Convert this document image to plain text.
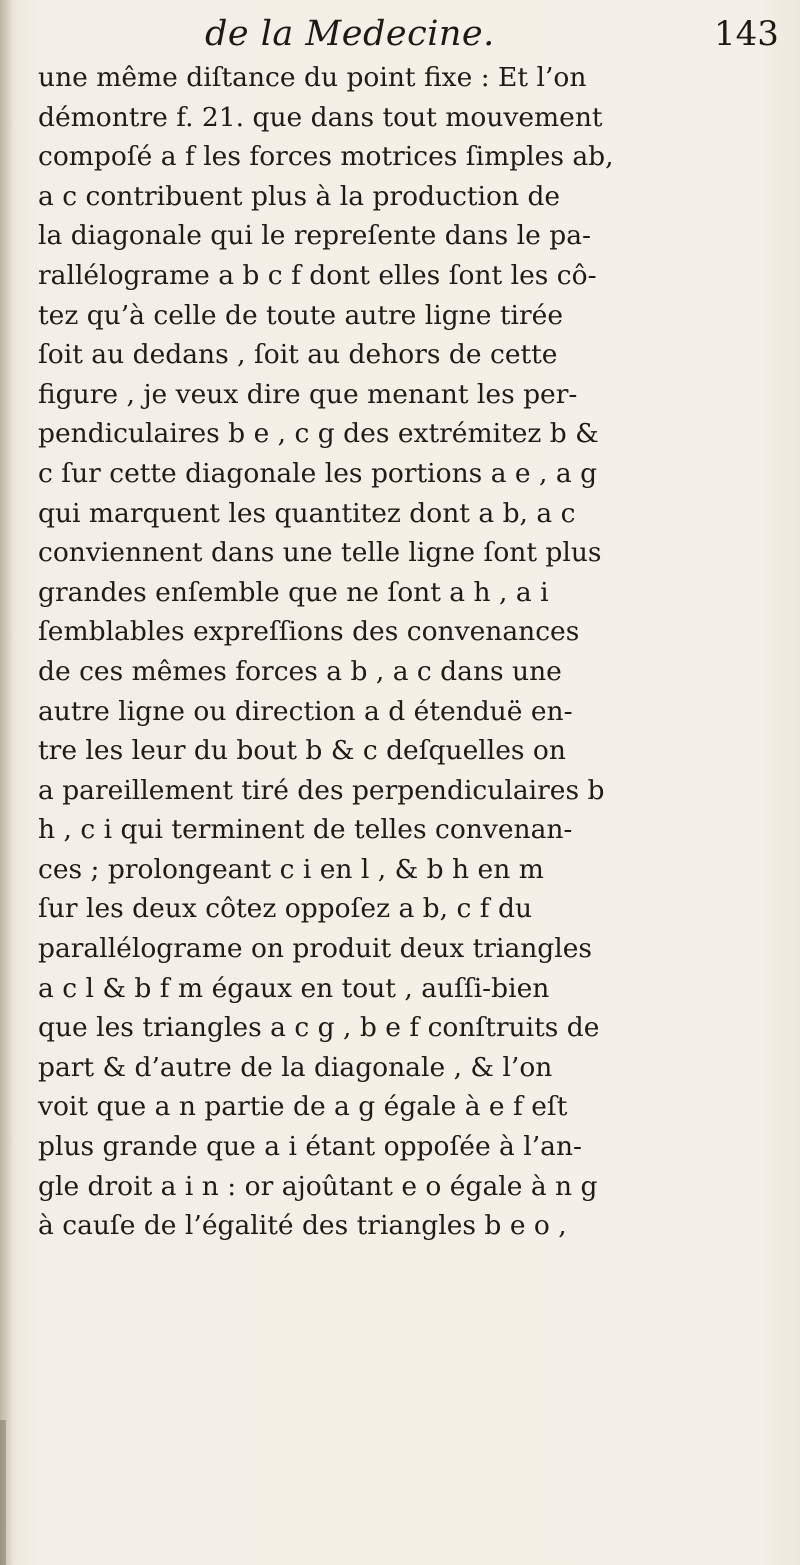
de la Medecine.	143
une même diſtance du point fixe : Et l’on
démontre f. 21. que dans tout mouvement
compoſé a f les forces motrices ſimples ab,
a c contribuent plus à la production de
la diagonale qui le repreſente dans le pa-
rallélograme a b c f dont elles ſont les cô-
tez qu’à celle de toute autre ligne tirée
ſoit au dedans , ſoit au dehors de cette
figure , je veux dire que menant les per-
pendiculaires b e , c g des extrémitez b &
c ſur cette diagonale les portions a e , a g
qui marquent les quantitez dont a b, a c
conviennent dans une telle ligne ſont plus
grandes enſemble que ne ſont a h , a i
ſemblables expreſſions des convenances
de ces mêmes forces a b , a c dans une
autre ligne ou direction a d étenduë en-
tre les leur du bout b & c deſquelles on
a pareillement tiré des perpendiculaires b
h , c i qui terminent de telles convenan-
ces ; prolongeant c i en l , & b h en m
ſur les deux côtez oppoſez a b, c f du
parallélograme on produit deux triangles
a c l & b f m égaux en tout , auſſi-bien
que les triangles a c g , b e f conſtruits de
part & d’autre de la diagonale , & l’on
voit que a n partie de a g égale à e f eſt
plus grande que a i étant oppoſée à l’an-
gle droit a i n : or ajoûtant e o égale à n g
à cauſe de l’égalité des triangles b e o ,
